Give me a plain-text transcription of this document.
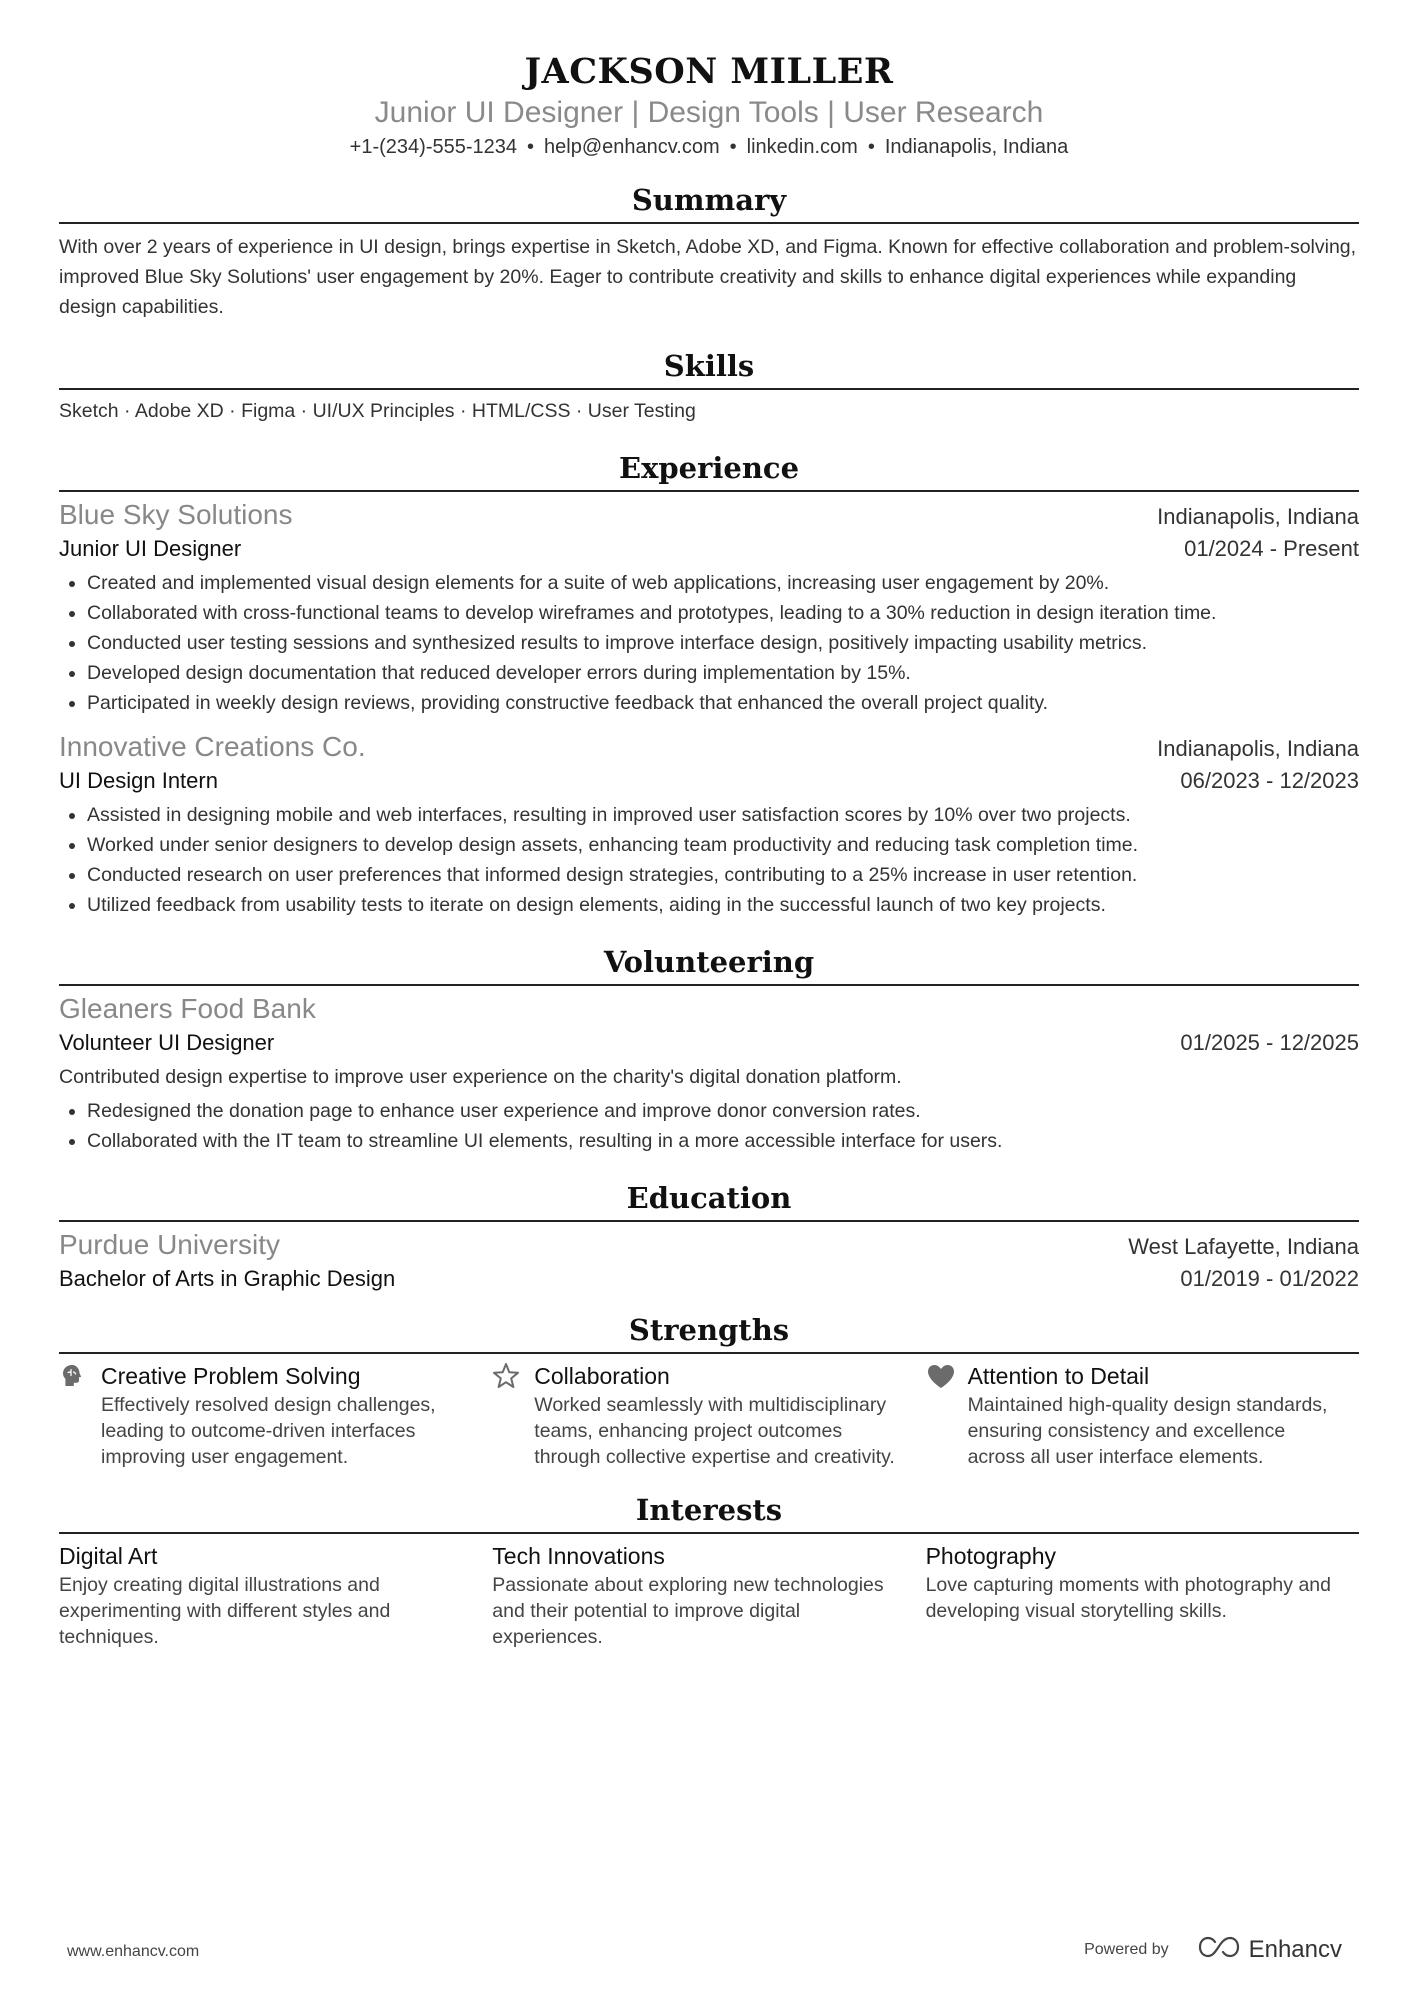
JACKSON MILLER
Junior UI Designer | Design Tools | User Research
+1-(234)-555-1234 • help@enhancv.com • linkedin.com • Indianapolis, Indiana
Summary
With over 2 years of experience in UI design, brings expertise in Sketch, Adobe XD, and Figma. Known for effective collaboration and problem-solving, improved Blue Sky Solutions' user engagement by 20%. Eager to contribute creativity and skills to enhance digital experiences while expanding design capabilities.
Skills
Sketch · Adobe XD · Figma · UI/UX Principles · HTML/CSS · User Testing
Experience
Blue Sky Solutions	Indianapolis, Indiana
Junior UI Designer	01/2024 - Present
• Created and implemented visual design elements for a suite of web applications, increasing user engagement by 20%.
• Collaborated with cross-functional teams to develop wireframes and prototypes, leading to a 30% reduction in design iteration time.
• Conducted user testing sessions and synthesized results to improve interface design, positively impacting usability metrics.
• Developed design documentation that reduced developer errors during implementation by 15%.
• Participated in weekly design reviews, providing constructive feedback that enhanced the overall project quality.
Innovative Creations Co.	Indianapolis, Indiana
UI Design Intern	06/2023 - 12/2023
• Assisted in designing mobile and web interfaces, resulting in improved user satisfaction scores by 10% over two projects.
• Worked under senior designers to develop design assets, enhancing team productivity and reducing task completion time.
• Conducted research on user preferences that informed design strategies, contributing to a 25% increase in user retention.
• Utilized feedback from usability tests to iterate on design elements, aiding in the successful launch of two key projects.
Volunteering
Gleaners Food Bank
Volunteer UI Designer	01/2025 - 12/2025
Contributed design expertise to improve user experience on the charity's digital donation platform.
• Redesigned the donation page to enhance user experience and improve donor conversion rates.
• Collaborated with the IT team to streamline UI elements, resulting in a more accessible interface for users.
Education
Purdue University	West Lafayette, Indiana
Bachelor of Arts in Graphic Design	01/2019 - 01/2022
Strengths
Creative Problem Solving
Effectively resolved design challenges, leading to outcome-driven interfaces improving user engagement.
Collaboration
Worked seamlessly with multidisciplinary teams, enhancing project outcomes through collective expertise and creativity.
Attention to Detail
Maintained high-quality design standards, ensuring consistency and excellence across all user interface elements.
Interests
Digital Art
Enjoy creating digital illustrations and experimenting with different styles and techniques.
Tech Innovations
Passionate about exploring new technologies and their potential to improve digital experiences.
Photography
Love capturing moments with photography and developing visual storytelling skills.
www.enhancv.com	Powered by	Enhancv
